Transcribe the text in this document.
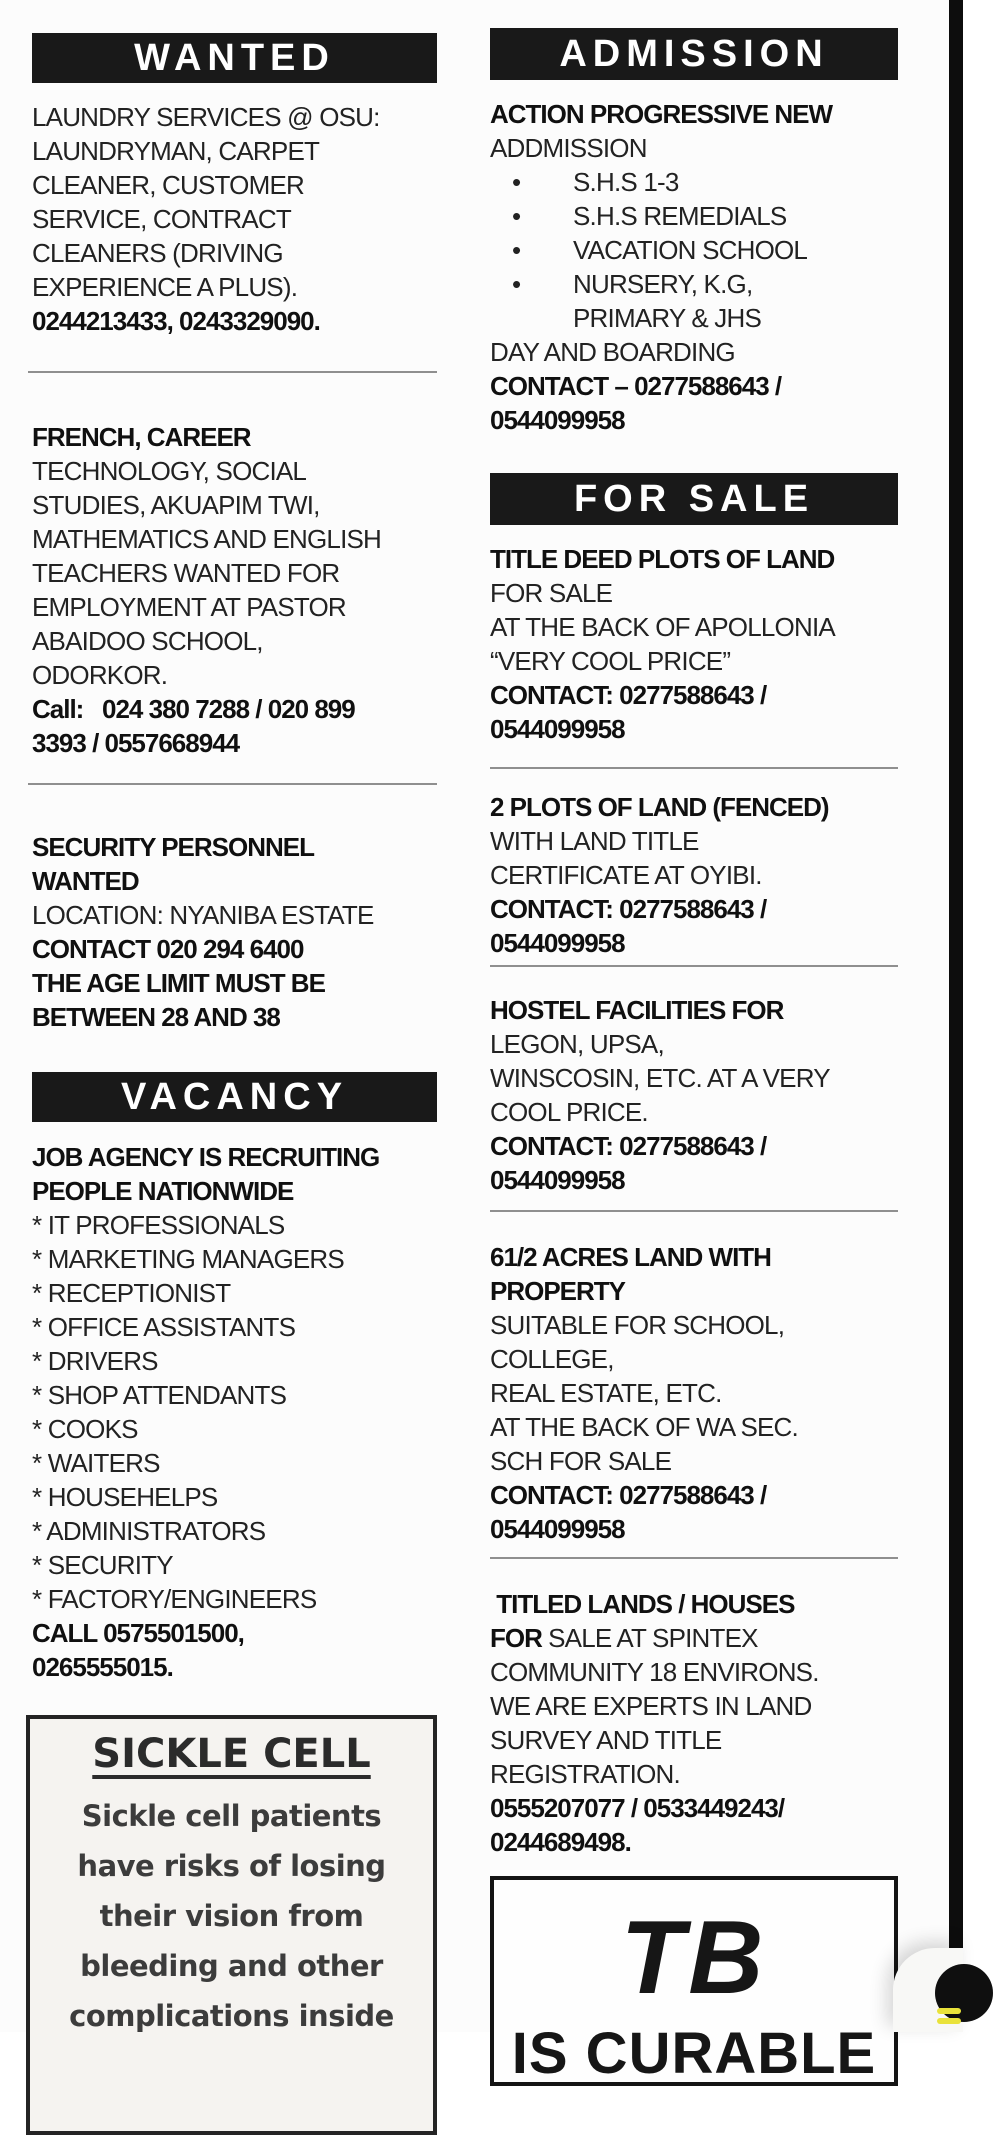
WANTED
LAUNDRY SERVICES @ OSU:
LAUNDRYMAN, CARPET
CLEANER, CUSTOMER
SERVICE, CONTRACT
CLEANERS (DRIVING
EXPERIENCE A PLUS).
0244213433, 0243329090.
FRENCH, CAREER
TECHNOLOGY, SOCIAL
STUDIES, AKUAPIM TWI,
MATHEMATICS AND ENGLISH
TEACHERS WANTED FOR
EMPLOYMENT AT PASTOR
ABAIDOO SCHOOL,
ODORKOR.
Call:   024 380 7288 / 020 899
3393 / 0557668944
SECURITY PERSONNEL
WANTED
LOCATION: NYANIBA ESTATE
CONTACT 020 294 6400
THE AGE LIMIT MUST BE
BETWEEN 28 AND 38
VACANCY
JOB AGENCY IS RECRUITING
PEOPLE NATIONWIDE
* IT PROFESSIONALS
* MARKETING MANAGERS
* RECEPTIONIST
* OFFICE ASSISTANTS
* DRIVERS
* SHOP ATTENDANTS
* COOKS
* WAITERS
* HOUSEHELPS
* ADMINISTRATORS
* SECURITY
* FACTORY/ENGINEERS
CALL 0575501500,
0265555015.
SICKLE CELL
Sickle cell patients
have risks of losing
their vision from
bleeding and other
complications inside
ADMISSION
ACTION PROGRESSIVE NEW
ADDMISSION
• S.H.S 1-3
• S.H.S REMEDIALS
• VACATION SCHOOL
• NURSERY, K.G,
PRIMARY & JHS
DAY AND BOARDING
CONTACT – 0277588643 /
0544099958
FOR SALE
TITLE DEED PLOTS OF LAND
FOR SALE
AT THE BACK OF APOLLONIA
“VERY COOL PRICE”
CONTACT: 0277588643 /
0544099958
2 PLOTS OF LAND (FENCED)
WITH LAND TITLE
CERTIFICATE AT OYIBI.
CONTACT: 0277588643 /
0544099958
HOSTEL FACILITIES FOR
LEGON, UPSA,
WINSCOSIN, ETC. AT A VERY
COOL PRICE.
CONTACT: 0277588643 /
0544099958
61/2 ACRES LAND WITH
PROPERTY
SUITABLE FOR SCHOOL,
COLLEGE,
REAL ESTATE, ETC.
AT THE BACK OF WA SEC.
SCH FOR SALE
CONTACT: 0277588643 /
0544099958
TITLED LANDS / HOUSES
FOR SALE AT SPINTEX
COMMUNITY 18 ENVIRONS.
WE ARE EXPERTS IN LAND
SURVEY AND TITLE
REGISTRATION.
0555207077 / 0533449243/
0244689498.
TB
IS CURABLE
